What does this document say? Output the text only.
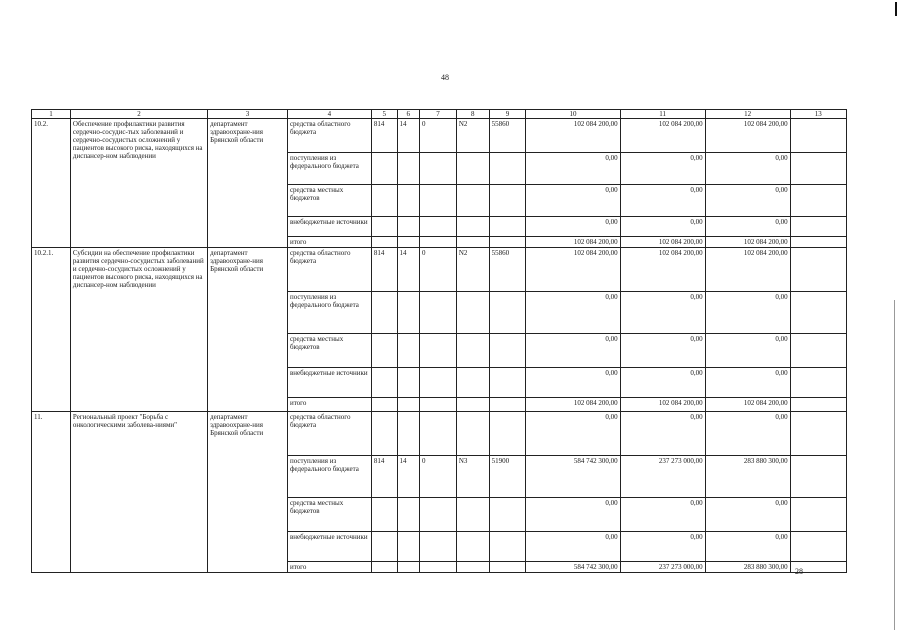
48
1	2	3	4	5	6	7	8	9	10	11	12	13
10.2.	Обеспечение профилактики развития сердечно-сосудис-тых заболеваний и сердечно-сосудистых осложнений у пациентов высокого риска, находящихся на диспансер-ном наблюдении	департамент здравоохране-ния Брянской области	средства областного бюджета	814	14	0	N2	55860	102 084 200,00	102 084 200,00	102 084 200,00	
			поступления из федерального бюджета						0,00	0,00	0,00	
			средства местных бюджетов						0,00	0,00	0,00	
			внебюджетные источники						0,00	0,00	0,00	
			итого						102 084 200,00	102 084 200,00	102 084 200,00	
10.2.1.	Субсидии на обеспечение профилактики развития сердечно-сосудистых заболеваний и сердечно-сосудистых осложнений у пациентов высокого риска, находящихся на диспансер-ном наблюдении	департамент здравоохране-ния Брянской области	средства областного бюджета	814	14	0	N2	55860	102 084 200,00	102 084 200,00	102 084 200,00	
			поступления из федерального бюджета						0,00	0,00	0,00	
			средства местных бюджетов						0,00	0,00	0,00	
			внебюджетные источники						0,00	0,00	0,00	
			итого						102 084 200,00	102 084 200,00	102 084 200,00	
11.	Региональный проект "Борьба с онкологическими заболева-ниями"	департамент здравоохране-ния Брянской области	средства областного бюджета						0,00	0,00	0,00	
			поступления из федерального бюджета	814	14	0	N3	51900	584 742 300,00	237 273 000,00	283 880 300,00	
			средства местных бюджетов						0,00	0,00	0,00	
			внебюджетные источники						0,00	0,00	0,00	
			итого						584 742 300,00	237 273 000,00	283 880 300,00	28
